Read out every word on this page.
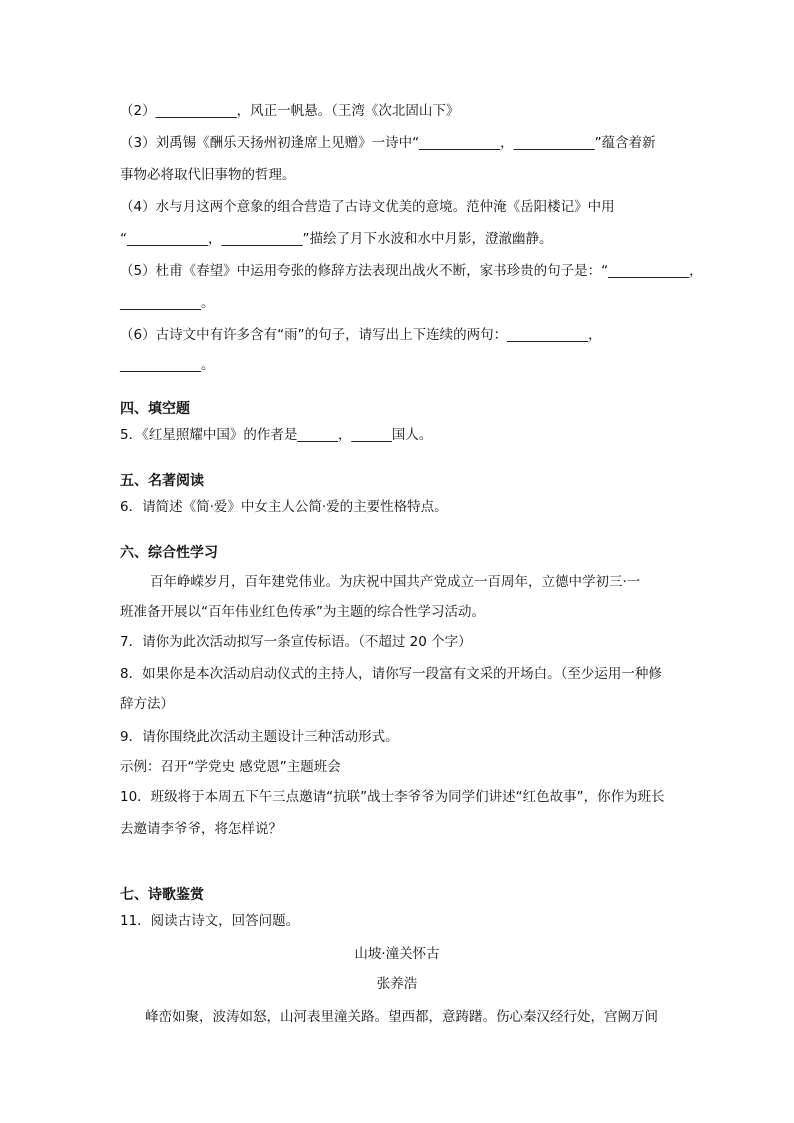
（2）____________，风正一帆悬。（王湾《次北固山下》
（3）刘禹锡《酬乐天扬州初逢席上见赠》一诗中“____________，____________”蕴含着新
事物必将取代旧事物的哲理。
（4）水与月这两个意象的组合营造了古诗文优美的意境。范仲淹《岳阳楼记》中用
“____________，____________”描绘了月下水波和水中月影，澄澈幽静。
（5）杜甫《春望》中运用夸张的修辞方法表现出战火不断，家书珍贵的句子是：“____________，
____________。
（6）古诗文中有许多含有“雨”的句子，请写出上下连续的两句：____________，
____________。
四、填空题
5．《红星照耀中国》的作者是______，______国人。
五、名著阅读
6．请简述《简·爱》中女主人公简·爱的主要性格特点。
六、综合性学习
百年峥嵘岁月，百年建党伟业。为庆祝中国共产党成立一百周年，立德中学初三·一
班准备开展以“百年伟业红色传承”为主题的综合性学习活动。
7．请你为此次活动拟写一条宣传标语。（不超过 20 个字）
8．如果你是本次活动启动仪式的主持人，请你写一段富有文采的开场白。（至少运用一种修
辞方法）
9．请你围绕此次活动主题设计三种活动形式。
示例：召开“学党史 感党恩”主题班会
10．班级将于本周五下午三点邀请“抗联”战士李爷爷为同学们讲述“红色故事”，你作为班长
去邀请李爷爷，将怎样说？
七、诗歌鉴赏
11．阅读古诗文，回答问题。
山坡·潼关怀古
张养浩
峰峦如聚，波涛如怒，山河表里潼关路。望西都，意踌躇。伤心秦汉经行处，宫阙万间
